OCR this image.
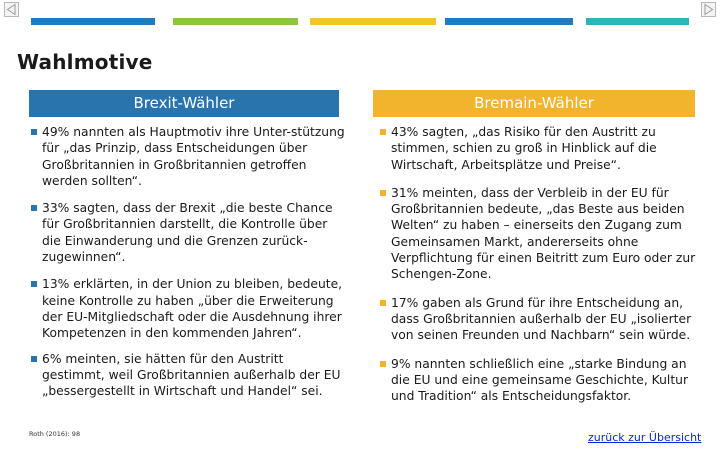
Wahlmotive
Brexit-Wähler	Bremain-Wähler
49% nannten als Hauptmotiv ihre Unter-stützung für „das Prinzip, dass Entscheidungen über Großbritannien in Großbritannien getroffen werden sollten“.
33% sagten, dass der Brexit „die beste Chance für Großbritannien darstellt, die Kontrolle über die Einwanderung und die Grenzen zurück-zugewinnen“.
13% erklärten, in der Union zu bleiben, bedeute, keine Kontrolle zu haben „über die Erweiterung der EU-Mitgliedschaft oder die Ausdehnung ihrer Kompetenzen in den kommenden Jahren“.
6% meinten, sie hätten für den Austritt gestimmt, weil Großbritannien außerhalb der EU „bessergestellt in Wirtschaft und Handel“ sei.
43% sagten, „das Risiko für den Austritt zu stimmen, schien zu groß in Hinblick auf die Wirtschaft, Arbeitsplätze und Preise“.
31% meinten, dass der Verbleib in der EU für Großbritannien bedeute, „das Beste aus beiden Welten“ zu haben – einerseits den Zugang zum Gemeinsamen Markt, andererseits ohne Verpflichtung für einen Beitritt zum Euro oder zur Schengen-Zone.
17% gaben als Grund für ihre Entscheidung an, dass Großbritannien außerhalb der EU „isolierter von seinen Freunden und Nachbarn“ sein würde.
9% nannten schließlich eine „starke Bindung an die EU und eine gemeinsame Geschichte, Kultur und Tradition“ als Entscheidungsfaktor.
Roth (2016): 98	zurück zur Übersicht
